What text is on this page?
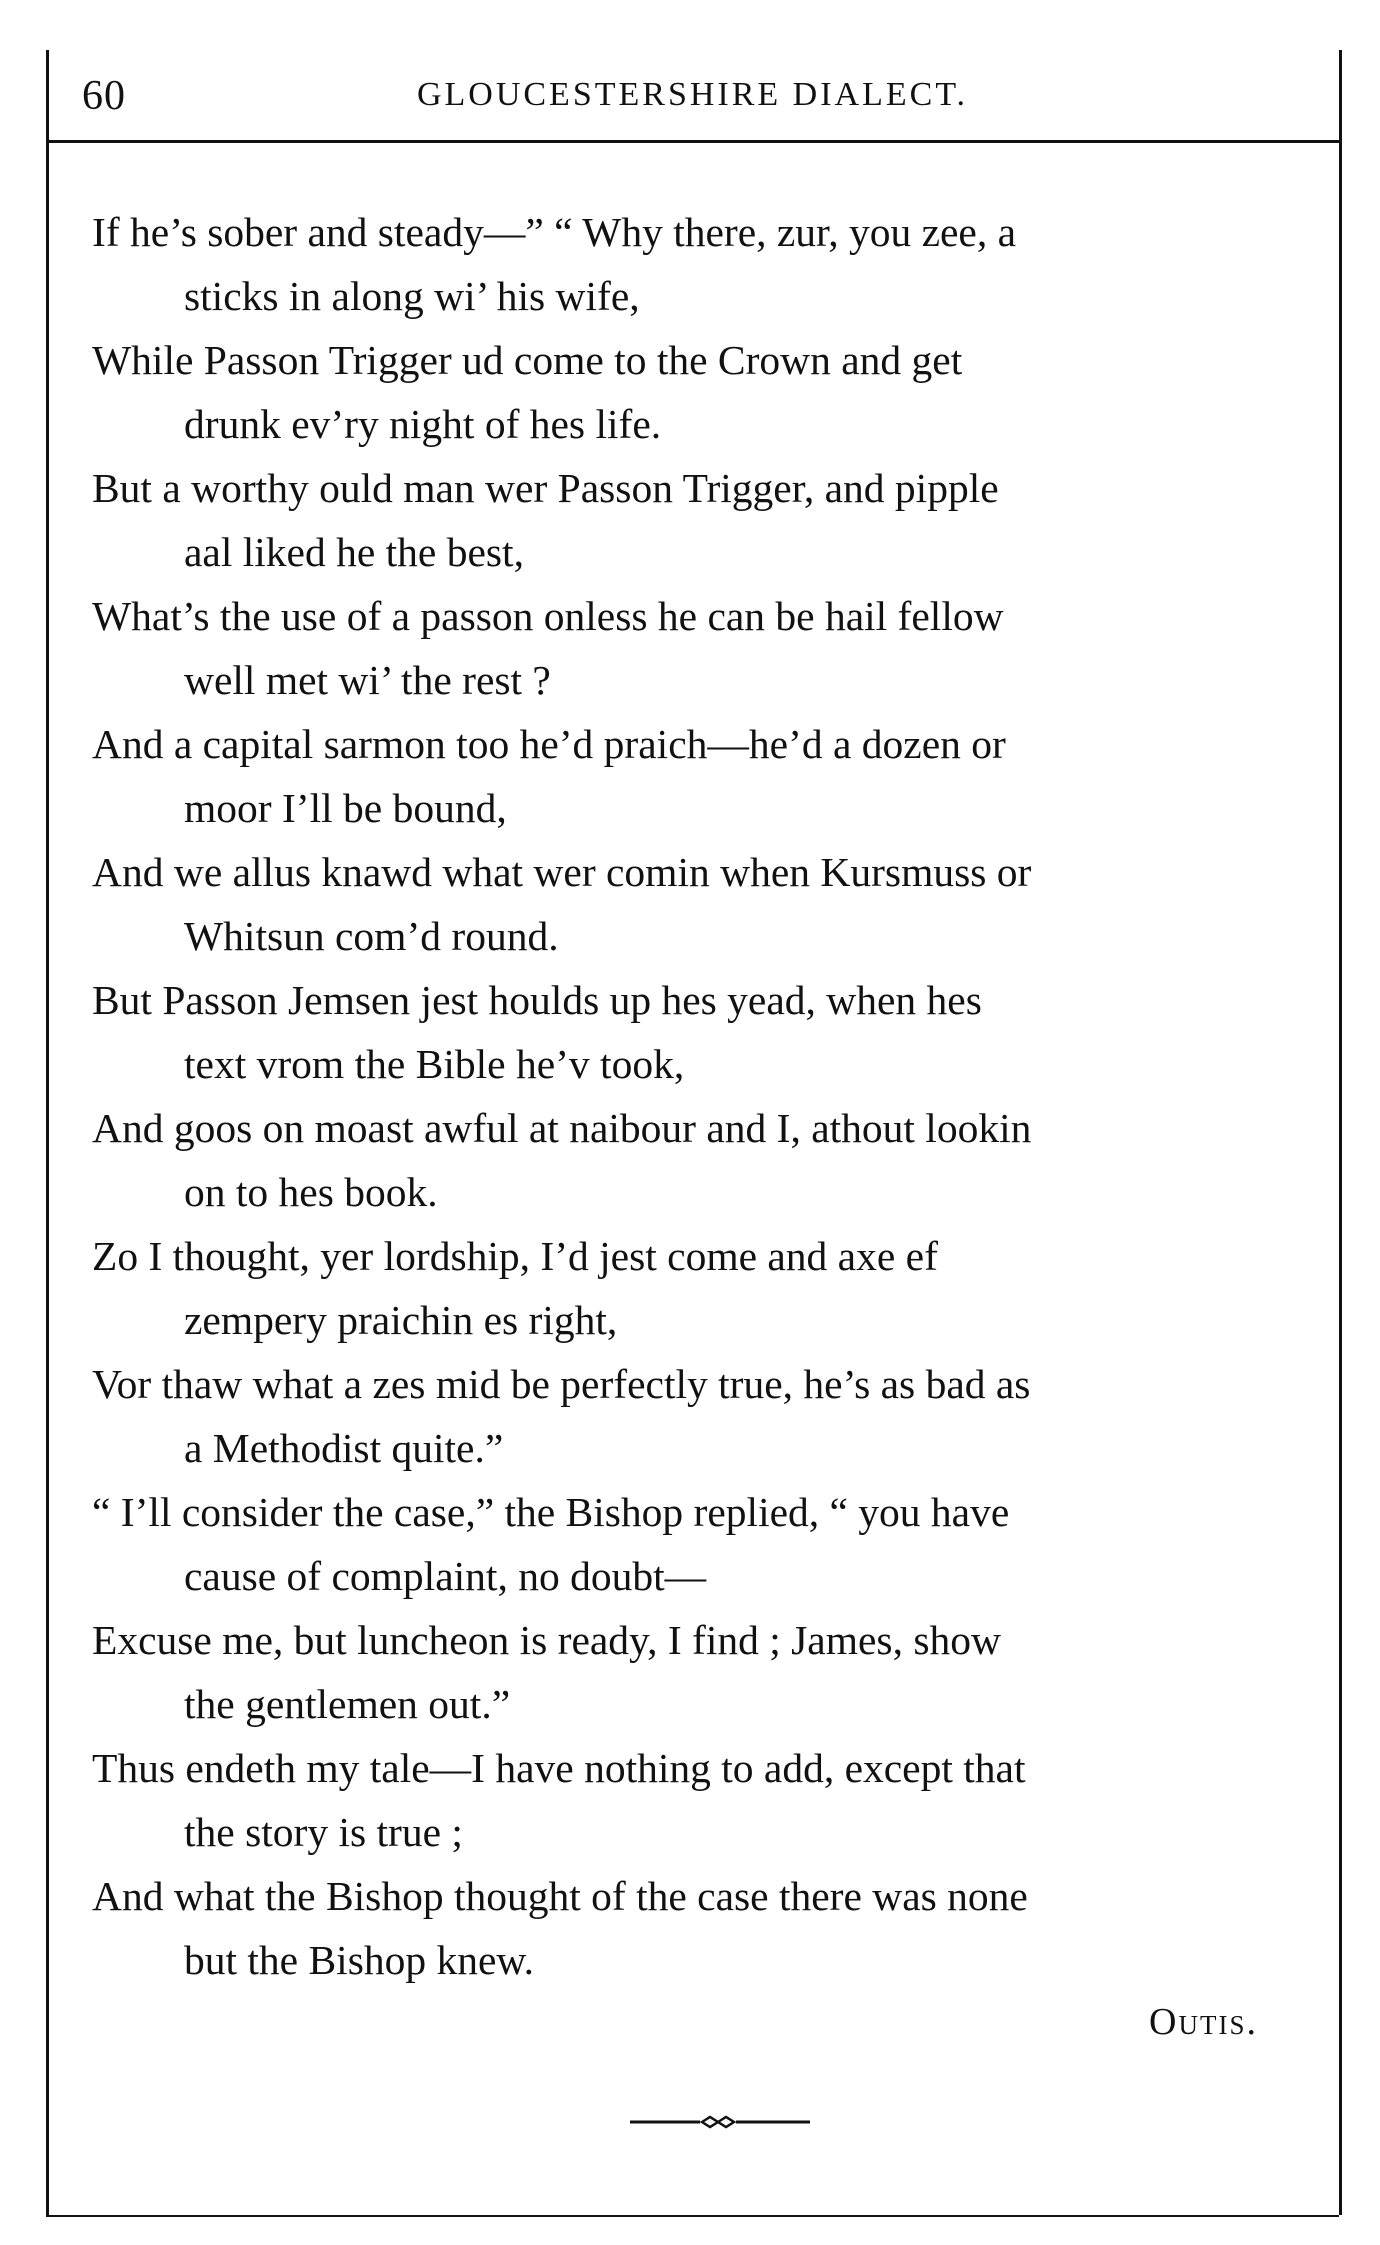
60	GLOUCESTERSHIRE DIALECT.
If he’s sober and steady—” “ Why there, zur, you zee, a
sticks in along wi’ his wife,
While Passon Trigger ud come to the Crown and get
drunk ev’ry night of hes life.
But a worthy ould man wer Passon Trigger, and pipple
aal liked he the best,
What’s the use of a passon onless he can be hail fellow
well met wi’ the rest ?
And a capital sarmon too he’d praich—he’d a dozen or
moor I’ll be bound,
And we allus knawd what wer comin when Kursmuss or
Whitsun com’d round.
But Passon Jemsen jest houlds up hes yead, when hes
text vrom the Bible he’v took,
And goos on moast awful at naibour and I, athout lookin
on to hes book.
Zo I thought, yer lordship, I’d jest come and axe ef
zempery praichin es right,
Vor thaw what a zes mid be perfectly true, he’s as bad as
a Methodist quite.”
“ I’ll consider the case,” the Bishop replied, “ you have
cause of complaint, no doubt—
Excuse me, but luncheon is ready, I find ; James, show
the gentlemen out.”
Thus endeth my tale—I have nothing to add, except that
the story is true ;
And what the Bishop thought of the case there was none
but the Bishop knew.
Outis.
